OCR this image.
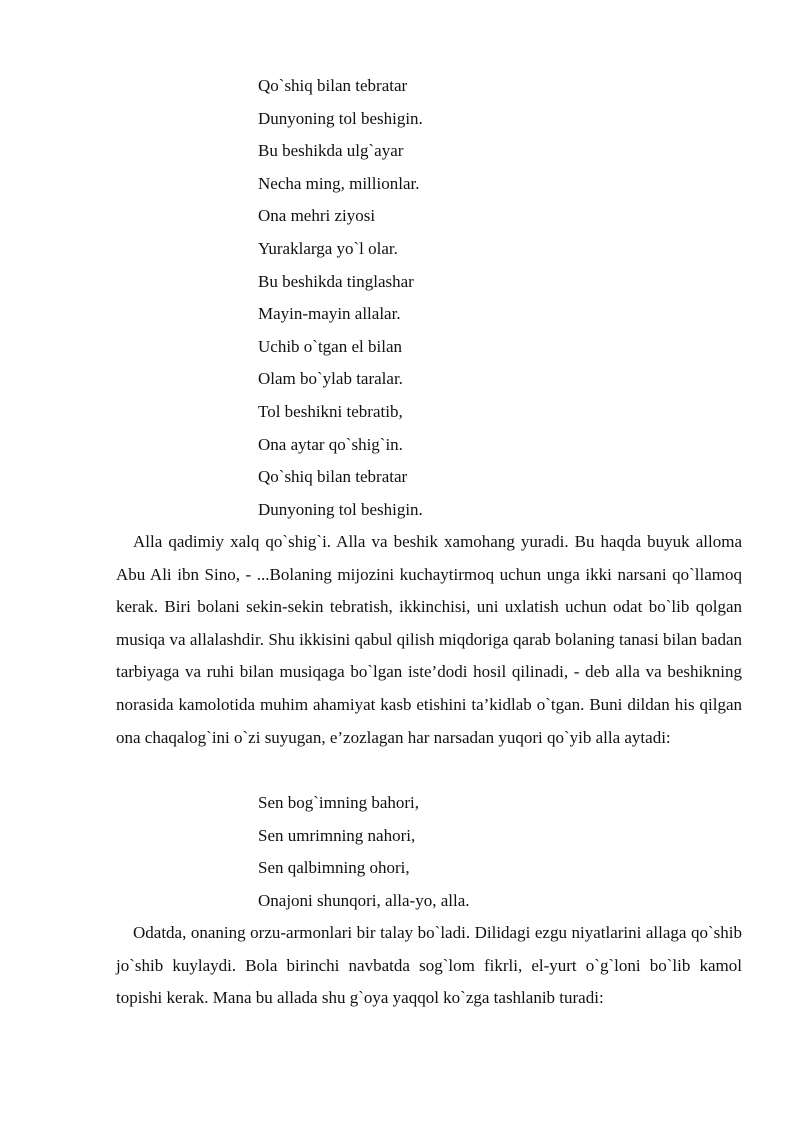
Qo`shiq bilan tebratar
Dunyoning tol beshigin.
Bu beshikda ulg`ayar
Necha ming, millionlar.
Ona mehri ziyosi
Yuraklarga yo`l olar.
Bu beshikda tinglashar
Mayin-mayin allalar.
Uchib o`tgan el bilan
Olam bo`ylab taralar.
Tol beshikni tebratib,
Ona aytar qo`shig`in.
Qo`shiq bilan tebratar
Dunyoning tol beshigin.

Alla qadimiy xalq qo`shig`i. Alla va beshik xamohang yuradi. Bu haqda buyuk alloma Abu Ali ibn Sino, - ...Bolaning mijozini kuchaytirmoq uchun unga ikki narsani qo`llamoq kerak. Biri bolani sekin-sekin tebratish, ikkinchisi, uni uxlatish uchun odat bo`lib qolgan musiqa va allalashdir. Shu ikkisini qabul qilish miqdoriga qarab bolaning tanasi bilan badan tarbiyaga va ruhi bilan musiqaga bo`lgan iste’dodi hosil qilinadi, - deb alla va beshikning norasida kamolotida muhim ahamiyat kasb etishini ta’kidlab o`tgan. Buni dildan his qilgan ona chaqalog`ini o`zi suyugan, e’zozlagan har narsadan yuqori qo`yib alla aytadi:

Sen bog`imning bahori,
Sen umrimning nahori,
Sen qalbimning ohori,
Onajoni shunqori, alla-yo, alla.

Odatda, onaning orzu-armonlari bir talay bo`ladi. Dilidagi ezgu niyatlarini allaga qo`shib jo`shib kuylaydi. Bola birinchi navbatda sog`lom fikrli, el-yurt o`g`loni bo`lib kamol topishi kerak. Mana bu allada shu g`oya yaqqol ko`zga tashlanib turadi:
